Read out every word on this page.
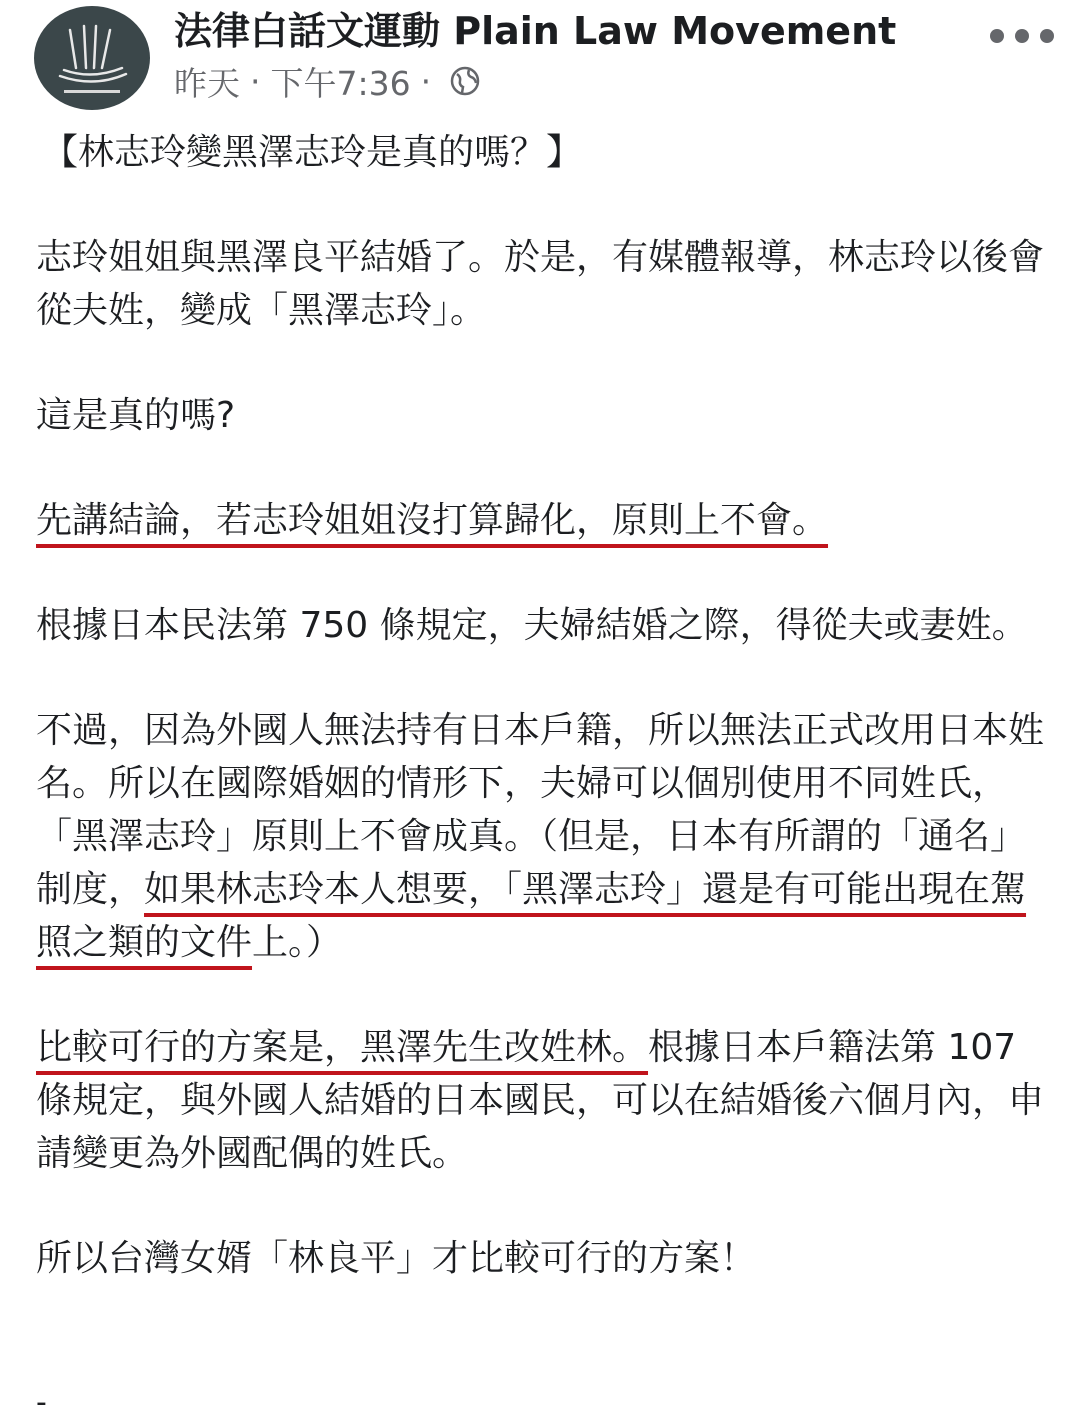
法律白話文運動 Plain Law Movement
昨天 · 下午7:36 ·

【林志玲變黑澤志玲是真的嗎？】

志玲姐姐與黑澤良平結婚了。於是，有媒體報導，林志玲以後會從夫姓，變成「黑澤志玲」。

這是真的嗎?

先講結論，若志玲姐姐沒打算歸化，原則上不會。

根據日本民法第 750 條規定，夫婦結婚之際，得從夫或妻姓。

不過，因為外國人無法持有日本戶籍，所以無法正式改用日本姓名。所以在國際婚姻的情形下，夫婦可以個別使用不同姓氏，「黑澤志玲」原則上不會成真。（但是，日本有所謂的「通名」制度，如果林志玲本人想要，「黑澤志玲」還是有可能出現在駕照之類的文件上。）

比較可行的方案是，黑澤先生改姓林。根據日本戶籍法第 107 條規定，與外國人結婚的日本國民，可以在結婚後六個月內，申請變更為外國配偶的姓氏。

所以台灣女婿「林良平」才比較可行的方案！

-
